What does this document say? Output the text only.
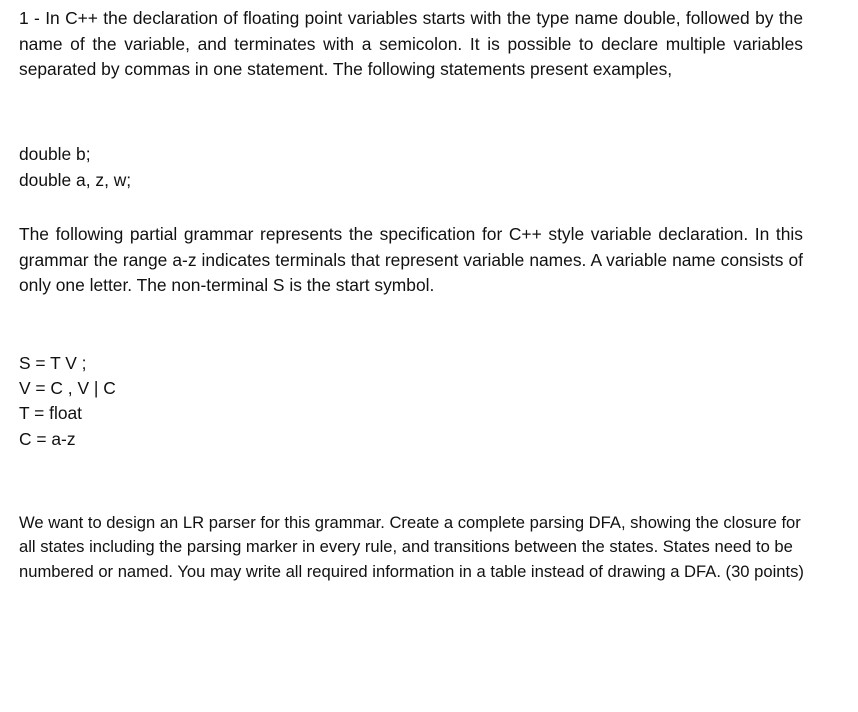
1 - In C++ the declaration of floating point variables starts with the type name double, followed by the name of the variable, and terminates with a semicolon. It is possible to declare multiple variables separated by commas in one statement. The following statements present examples,
double b;
double a, z, w;
The following partial grammar represents the specification for C++ style variable declaration. In this grammar the range a-z indicates terminals that represent variable names. A variable name consists of only one letter. The non-terminal S is the start symbol.
S = T V ;
V = C , V | C
T = float
C = a-z
We want to design an LR parser for this grammar. Create a complete parsing DFA, showing the closure for all states including the parsing marker in every rule, and transitions between the states. States need to be numbered or named. You may write all required information in a table instead of drawing a DFA. (30 points)
